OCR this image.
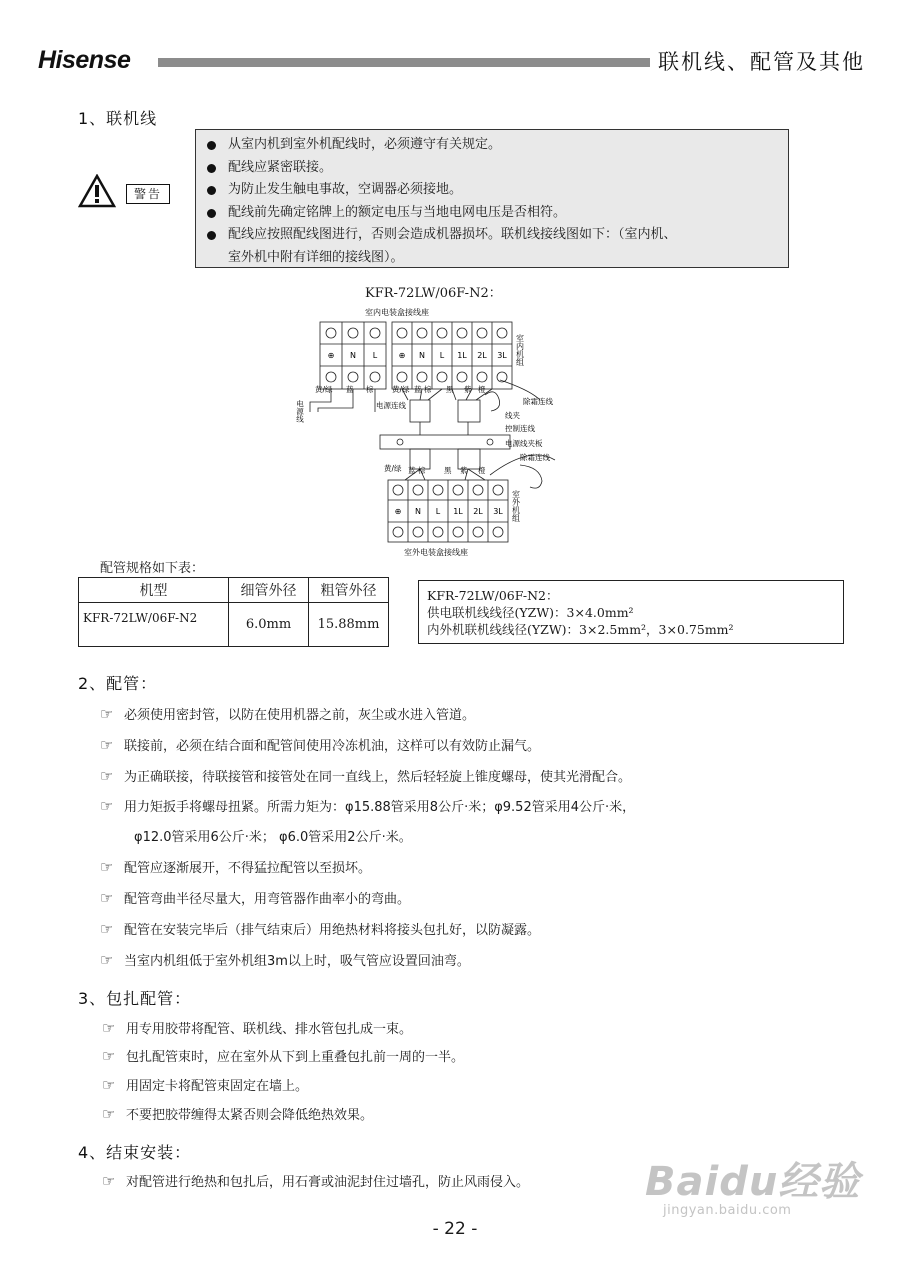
Hisense	联机线、配管及其他
1、联机线
警告
从室内机到室外机配线时，必须遵守有关规定。
配线应紧密联接。
为防止发生触电事故，空调器必须接地。
配线前先确定铭牌上的额定电压与当地电网电压是否相符。
配线应按照配线图进行，否则会造成机器损坏。联机线接线图如下：（室内机、
室外机中附有详细的接线图）。
KFR-72LW/06F-N2：
室内电装盒接线座
⊕ N L	⊕ N L 1L 2L 3L 室内机组
黄/绿 蓝 棕 黄/绿 蓝 棕 黑 紫 橙
电源连线	除霜连线
线夹
控制连线
电源线夹板
除霜连线
黄/绿 蓝 棕 黑 紫 橙
电源线
⊕ N L 1L 2L 3L 室外机组
室外电装盒接线座
配管规格如下表：
机型	细管外径	粗管外径
KFR-72LW/06F-N2	6.0mm	15.88mm
KFR-72LW/06F-N2：
供电联机线线径(YZW)：3×4.0mm²
内外机联机线线径(YZW)：3×2.5mm²，3×0.75mm²
2、配管：
☞ 必须使用密封管，以防在使用机器之前，灰尘或水进入管道。
☞ 联接前，必须在结合面和配管间使用冷冻机油，这样可以有效防止漏气。
☞ 为正确联接，待联接管和接管处在同一直线上，然后轻轻旋上锥度螺母，使其光滑配合。
☞ 用力矩扳手将螺母扭紧。所需力矩为：φ15.88管采用8公斤·米；φ9.52管采用4公斤·米，
φ12.0管采用6公斤·米； φ6.0管采用2公斤·米。
☞ 配管应逐渐展开，不得猛拉配管以至损坏。
☞ 配管弯曲半径尽量大，用弯管器作曲率小的弯曲。
☞ 配管在安装完毕后（排气结束后）用绝热材料将接头包扎好，以防凝露。
☞ 当室内机组低于室外机组3m以上时，吸气管应设置回油弯。
3、包扎配管：
☞ 用专用胶带将配管、联机线、排水管包扎成一束。
☞ 包扎配管束时，应在室外从下到上重叠包扎前一周的一半。
☞ 用固定卡将配管束固定在墙上。
☞ 不要把胶带缠得太紧否则会降低绝热效果。
4、结束安装：
☞ 对配管进行绝热和包扎后，用石膏或油泥封住过墙孔，防止风雨侵入。	Baidu经验
jingyan.baidu.com
- 22 -
